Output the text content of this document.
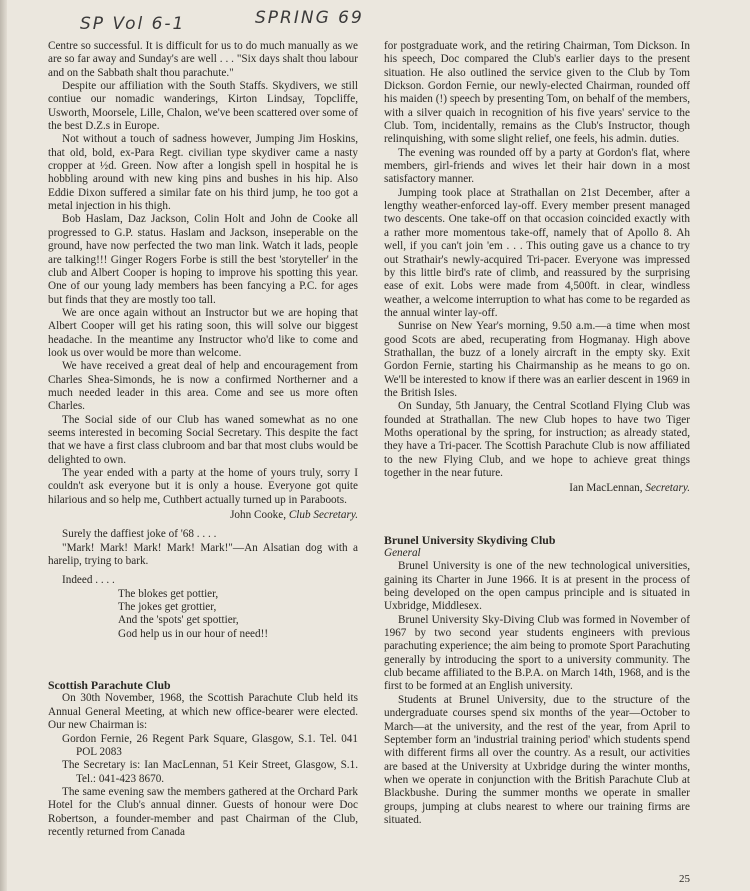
SP Vol 6-1	SPRING 69

Centre so successful. It is difficult for us to do much manually as we are so far away and Sunday's are well . . . "Six days shalt thou labour and on the Sabbath shalt thou parachute."

Despite our affiliation with the South Staffs. Skydivers, we still contiue our nomadic wanderings, Kirton Lindsay, Topcliffe, Usworth, Moorsele, Lille, Chalon, we've been scattered over some of the best D.Z.s in Europe.

Not without a touch of sadness however, Jumping Jim Hoskins, that old, bold, ex-Para Regt. civilian type skydiver came a nasty cropper at ½d. Green. Now after a longish spell in hospital he is hobbling around with new king pins and bushes in his hip. Also Eddie Dixon suffered a similar fate on his third jump, he too got a metal injection in his thigh.

Bob Haslam, Daz Jackson, Colin Holt and John de Cooke all progressed to G.P. status. Haslam and Jackson, inseperable on the ground, have now perfected the two man link. Watch it lads, people are talking!!! Ginger Rogers Forbe is still the best 'storyteller' in the club and Albert Cooper is hoping to improve his spotting this year. One of our young lady members has been fancying a P.C. for ages but finds that they are mostly too tall.

We are once again without an Instructor but we are hoping that Albert Cooper will get his rating soon, this will solve our biggest headache. In the meantime any Instructor who'd like to come and look us over would be more than welcome.

We have received a great deal of help and encouragement from Charles Shea-Simonds, he is now a confirmed Northerner and a much needed leader in this area. Come and see us more often Charles.

The Social side of our Club has waned somewhat as no one seems interested in becoming Social Secretary. This despite the fact that we have a first class clubroom and bar that most clubs would be delighted to own.

The year ended with a party at the home of yours truly, sorry I couldn't ask everyone but it is only a house. Everyone got quite hilarious and so help me, Cuthbert actually turned up in Paraboots.

John Cooke, Club Secretary.

Surely the daffiest joke of '68 . . . .

"Mark! Mark! Mark! Mark! Mark!"—An Alsatian dog with a harelip, trying to bark.

Indeed . . . .

The blokes get pottier,

The jokes get grottier,

And the 'spots' get spottier,

God help us in our hour of need!!

Scottish Parachute Club

On 30th November, 1968, the Scottish Parachute Club held its Annual General Meeting, at which new office-bearer were elected. Our new Chairman is:

Gordon Fernie, 26 Regent Park Square, Glasgow, S.1. Tel. 041 POL 2083

The Secretary is: Ian MacLennan, 51 Keir Street, Glasgow, S.1. Tel.: 041-423 8670.

The same evening saw the members gathered at the Orchard Park Hotel for the Club's annual dinner. Guests of honour were Doc Robertson, a founder-member and past Chairman of the Club, recently returned from Canada

for postgraduate work, and the retiring Chairman, Tom Dickson. In his speech, Doc compared the Club's earlier days to the present situation. He also outlined the service given to the Club by Tom Dickson. Gordon Fernie, our newly-elected Chairman, rounded off his maiden (!) speech by presenting Tom, on behalf of the members, with a silver quaich in recognition of his five years' service to the Club. Tom, incidentally, remains as the Club's Instructor, though relinquishing, with some slight relief, one feels, his admin. duties.

The evening was rounded off by a party at Gordon's flat, where members, girl-friends and wives let their hair down in a most satisfactory manner.

Jumping took place at Strathallan on 21st December, after a lengthy weather-enforced lay-off. Every member present managed two descents. One take-off on that occasion coincided exactly with a rather more momentous take-off, namely that of Apollo 8. Ah well, if you can't join 'em . . . This outing gave us a chance to try out Strathair's newly-acquired Tri-pacer. Everyone was impressed by this little bird's rate of climb, and reassured by the surprising ease of exit. Lobs were made from 4,500ft. in clear, windless weather, a welcome interruption to what has come to be regarded as the annual winter lay-off.

Sunrise on New Year's morning, 9.50 a.m.—a time when most good Scots are abed, recuperating from Hogmanay. High above Strathallan, the buzz of a lonely aircraft in the empty sky. Exit Gordon Fernie, starting his Chairmanship as he means to go on. We'll be interested to know if there was an earlier descent in 1969 in the British Isles.

On Sunday, 5th January, the Central Scotland Flying Club was founded at Strathallan. The new Club hopes to have two Tiger Moths operational by the spring, for instruction; as already stated, they have a Tri-pacer. The Scottish Parachute Club is now affiliated to the new Flying Club, and we hope to achieve great things together in the near future.

Ian MacLennan, Secretary.

Brunel University Skydiving Club

General

Brunel University is one of the new technological universities, gaining its Charter in June 1966. It is at present in the process of being developed on the open campus principle and is situated in Uxbridge, Middlesex.

Brunel University Sky-Diving Club was formed in November of 1967 by two second year students engineers with previous parachuting experience; the aim being to promote Sport Parachuting generally by introducing the sport to a university community. The club became affiliated to the B.P.A. on March 14th, 1968, and is the first to be formed at an English university.

Students at Brunel University, due to the structure of the undergraduate courses spend six months of the year—October to March—at the university, and the rest of the year, from April to September form an 'industrial training period' which students spend with different firms all over the country. As a result, our activities are based at the University at Uxbridge during the winter months, when we operate in conjunction with the British Parachute Club at Blackbushe. During the summer months we operate in smaller groups, jumping at clubs nearest to where our training firms are situated.

25
